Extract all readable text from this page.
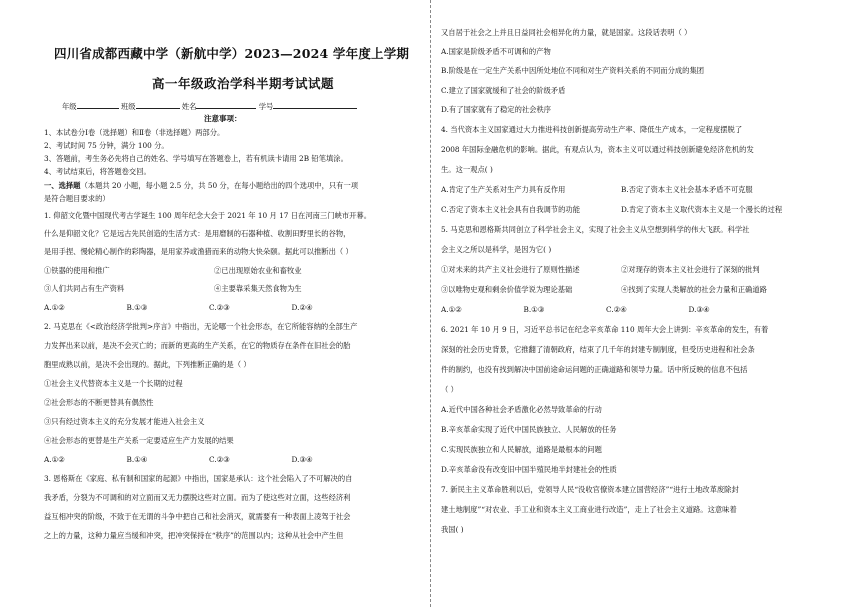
四川省成都西藏中学（新航中学）2023—2024 学年度上学期
高一年级政治学科半期考试试题
年级	班级	姓名	学号
注意事项：
1、本试卷分Ⅰ卷（选择题）和Ⅱ卷（非选择题）两部分。
2、考试时间 75 分钟，满分 100 分。
3、答题前，考生务必先将自己的姓名、学号填写在答题卷上，若有机读卡请用 2B 铅笔填涂。
4、考试结束后，将答题卷交回。
一、选择题（本题共 20 小题，每小题 2.5 分，共 50 分，在每小题给出的四个选项中，只有一项
是符合题目要求的）
1. 仰韶文化暨中国现代考古学诞生 100 周年纪念大会于 2021 年 10 月 17 日在河南三门峡市开幕。
什么是仰韶文化？它是远古先民创造的生活方式：是用磨制的石器种植、收割田野里长的谷物，
是用手捏、慢轮精心制作的彩陶器，是用家养或渔猎而来的动物大快朵颐。据此可以推断出（ ）
①铁器的使用和推广	②已出现原始农业和畜牧业
③人们共同占有生产资料	④主要靠采集天然食物为生
A.①②	B.①③	C.②③	D.②④
2. 马克思在《<政治经济学批判>序言》中指出，无论哪一个社会形态，在它所能容纳的全部生产
力发挥出来以前，是决不会灭亡的；而新的更高的生产关系，在它的物质存在条件在旧社会的胎
胞里成熟以前，是决不会出现的。据此，下列推断正确的是（ ）
①社会主义代替资本主义是一个长期的过程
②社会形态的不断更替具有偶然性
③只有经过资本主义的充分发展才能进入社会主义
④社会形态的更替是生产关系一定要适应生产力发展的结果
A.①②	B.①④	C.②③	D.③④
3. 恩格斯在《家庭、私有制和国家的起源》中指出，国家是承认：这个社会陷入了不可解决的自
我矛盾，分裂为不可调和的对立面而又无力摆脱这些对立面。而为了使这些对立面，这些经济利
益互相冲突的阶级，不致于在无谓的斗争中把自己和社会消灭，就需要有一种表面上凌驾于社会
之上的力量，这种力量应当缓和冲突，把冲突保持在“秩序”的范围以内；这种从社会中产生但
又自居于社会之上并且日益同社会相异化的力量，就是国家。这段话表明（ ）
A.国家是阶级矛盾不可调和的产物
B.阶级是在一定生产关系中因所处地位不同和对生产资料关系的不同而分成的集团
C.建立了国家就缓和了社会的阶级矛盾
D.有了国家就有了稳定的社会秩序
4. 当代资本主义国家通过大力推进科技创新提高劳动生产率、降低生产成本，一定程度摆脱了
2008 年国际金融危机的影响。据此，有观点认为，资本主义可以通过科技创新避免经济危机的发
生。这一观点( )
A.肯定了生产关系对生产力具有反作用	B.否定了资本主义社会基本矛盾不可克服
C.否定了资本主义社会具有自我调节的功能	D.肯定了资本主义取代资本主义是一个漫长的过程
5. 马克思和恩格斯共同创立了科学社会主义，实现了社会主义从空想到科学的伟大飞跃。科学社
会主义之所以是科学，是因为它( )
①对未来的共产主义社会进行了原则性描述	②对现存的资本主义社会进行了深刻的批判
③以唯物史观和剩余价值学说为理论基础	④找到了实现人类解放的社会力量和正确道路
A.①②	B.①③	C.②④	D.③④
6. 2021 年 10 月 9 日，习近平总书记在纪念辛亥革命 110 周年大会上讲到：辛亥革命的发生，有着
深刻的社会历史背景，它推翻了清朝政府，结束了几千年的封建专制制度，但受历史进程和社会条
件的制约，也没有找到解决中国前途命运问题的正确道路和领导力量。话中所反映的信息不包括
（ ）
A.近代中国各种社会矛盾激化必然导致革命的行动
B.辛亥革命实现了近代中国民族独立、人民解放的任务
C.实现民族独立和人民解放，道路是最根本的问题
D.辛亥革命没有改变旧中国半殖民地半封建社会的性质
7. 新民主主义革命胜利以后，党领导人民“没收官僚资本建立国营经济”“进行土地改革废除封
建土地制度”“对农业、手工业和资本主义工商业进行改造”，走上了社会主义道路。这意味着
我国( )
